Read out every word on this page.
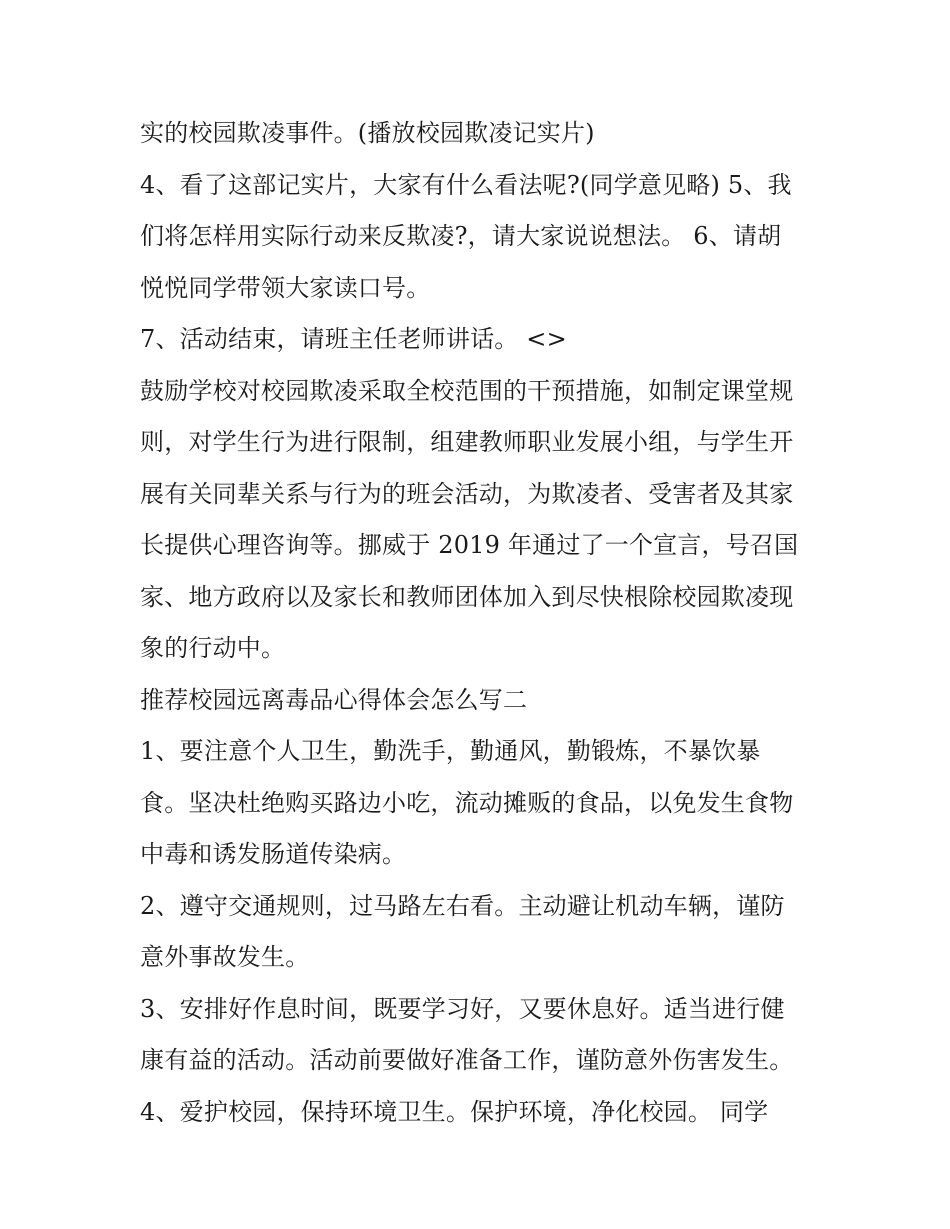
实的校园欺凌事件。(播放校园欺凌记实片)
4、看了这部记实片，大家有什么看法呢?(同学意见略) 5、我
们将怎样用实际行动来反欺凌?，请大家说说想法。 6、请胡
悦悦同学带领大家读口号。
7、活动结束，请班主任老师讲话。 <>
鼓励学校对校园欺凌采取全校范围的干预措施，如制定课堂规
则，对学生行为进行限制，组建教师职业发展小组，与学生开
展有关同辈关系与行为的班会活动，为欺凌者、受害者及其家
长提供心理咨询等。挪威于 2019 年通过了一个宣言，号召国
家、地方政府以及家长和教师团体加入到尽快根除校园欺凌现
象的行动中。
推荐校园远离毒品心得体会怎么写二
1、要注意个人卫生，勤洗手，勤通风，勤锻炼，不暴饮暴
食。坚决杜绝购买路边小吃，流动摊贩的食品，以免发生食物
中毒和诱发肠道传染病。
2、遵守交通规则，过马路左右看。主动避让机动车辆，谨防
意外事故发生。
3、安排好作息时间，既要学习好，又要休息好。适当进行健
康有益的活动。活动前要做好准备工作，谨防意外伤害发生。
4、爱护校园，保持环境卫生。保护环境，净化校园。 同学
